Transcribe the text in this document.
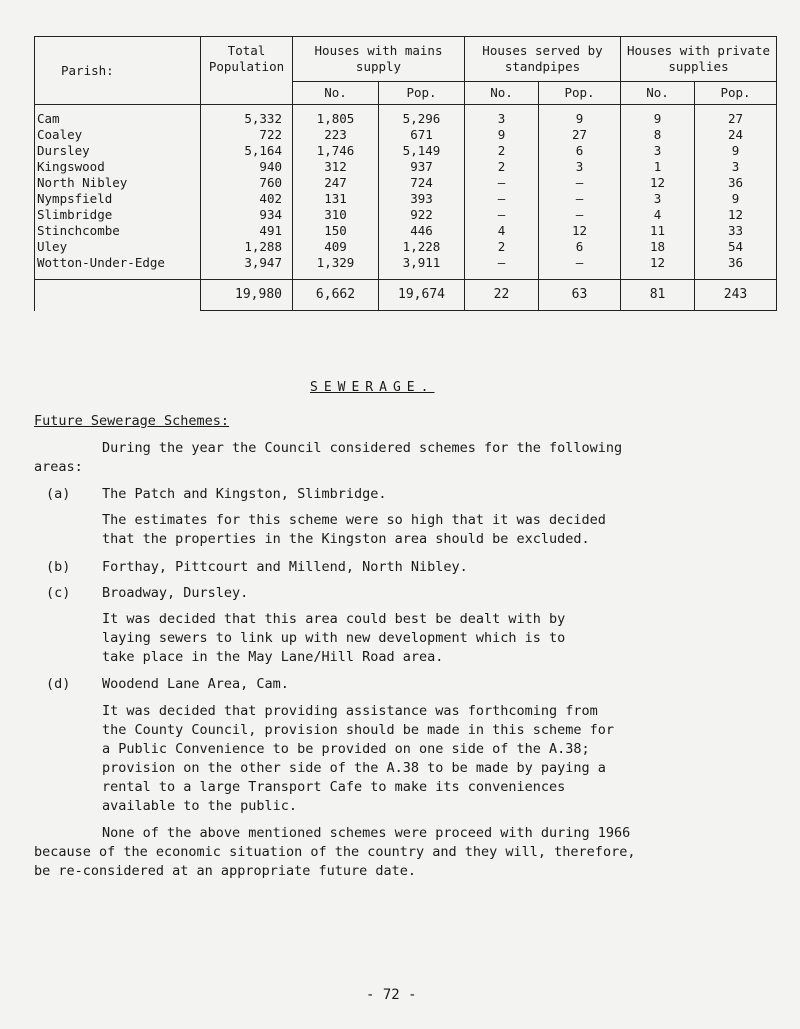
Parish:	Total Population	Houses with mains supply		Houses served by standpipes		Houses with private supplies	
		No.	Pop.	No.	Pop.	No.	Pop.
Cam	5,332	1,805	5,296	3	9	9	27
Coaley	722	223	671	9	27	8	24
Dursley	5,164	1,746	5,149	2	6	3	9
Kingswood	940	312	937	2	3	1	3
North Nibley	760	247	724	–	–	12	36
Nympsfield	402	131	393	–	–	3	9
Slimbridge	934	310	922	–	–	4	12
Stinchcombe	491	150	446	4	12	11	33
Uley	1,288	409	1,228	2	6	18	54
Wotton-Under-Edge	3,947	1,329	3,911	–	–	12	36
	19,980	6,662	19,674	22	63	81	243
SEWERAGE.
Future Sewerage Schemes:
During the year the Council considered schemes for the following
areas:
(a) The Patch and Kingston, Slimbridge.
The estimates for this scheme were so high that it was decided
that the properties in the Kingston area should be excluded.
(b) Forthay, Pittcourt and Millend, North Nibley.
(c) Broadway, Dursley.
It was decided that this area could best be dealt with by
laying sewers to link up with new development which is to
take place in the May Lane/Hill Road area.
(d) Woodend Lane Area, Cam.
It was decided that providing assistance was forthcoming from
the County Council, provision should be made in this scheme for
a Public Convenience to be provided on one side of the A.38;
provision on the other side of the A.38 to be made by paying a
rental to a large Transport Cafe to make its conveniences
available to the public.
None of the above mentioned schemes were proceed with during 1966
because of the economic situation of the country and they will, therefore,
be re-considered at an appropriate future date.
- 72 -
